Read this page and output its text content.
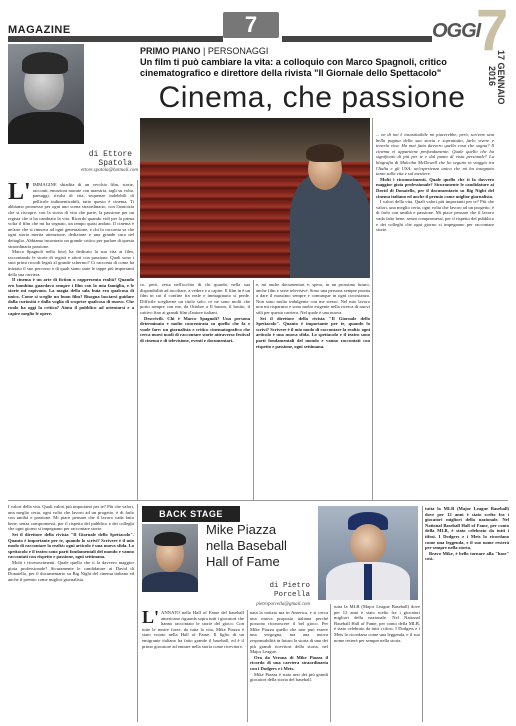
MAGAZINE	7	OGGI
7
17 GENNAIO
2016
di Ettore
Spatola
ettore.spatola@hotmail.com
PRIMO PIANO | PERSONAGGI
Un film ti può cambiare la vita: a colloquio con Marco Spagnoli, critico cinematografico e direttore della rivista "Il Giornale dello Spettacolo"
Cinema, che passione

L' IMMAGINE sbiadita di un vecchio film, storie, racconti, emozioni narrate con maestria, tagli su volta, paesaggi, rivalsi di vita, sequenze indelebili di pellicole indimenticabili, tutto questo è cinema. Ti abbiamo promesso per ogni uno scena straordinario, con l'amicizia che si riscopre, con la storia di vita che parte, la passione per un regista che ti ha cambiato la vita. Ricordo quando vidi per la prima volta il film che mi ha segnato, un tempo quasi andato. Il cinema è un'arte che si rinnova ad ogni generazione, e chi lo racconta sa che ogni storia merita attenzione, dedizione e una grande cura nel dettaglio. Abbiamo incontrato un grande critico per parlare di questa straordinaria passione.

Marco Spagnoli nella foto) ha dedicato la sua vita ai film, raccontando le storie di registi e attori con passione. Quali sono i suoi primi ricordi legati al grande schermo? Ci racconta di come ha iniziato il suo percorso e di quali siano state le tappe più importanti della sua carriera.

Il cinema è un arte di fiction o rappresenta realtà? Quando ero bambino guardavo sempre i film con la mia famiglia, e le storie mi rapivano. La magia della sala buia era qualcosa di unico. Come si sceglie un buon film? Bisogna lasciarsi guidare dalla curiosità e dalla voglia di scoprire qualcosa di nuovo. Che ruolo ha oggi la critica? Aiuta il pubblico ad orientarsi e a capire meglio le opere.

co, però, resta nell'occhio di chi guarda, nella sua disponibilità ad ascoltare, a vedere e a capire. Il film in è un film in cui il confine fra reale e immaginario si perde. Difficile sceglierne un titolo solo: ce ne sono molti che porto sempre con me, da Ottobre a Il buono, il brutto, il cattivo fino ai grandi film d'autore italiani.

Descrivili. Chi è Marco Spagnoli? Una persona determinata e molto concentrata su quello che fa e vuole fare: un giornalista e critico cinematografico che cerca nuovi modi di raccontare storie attraverso festival di cinema e di televisione, eventi e documentari.

e, mi anche documentari e, spero, in un prossimo futuro, anche film e serie televisive. Sono una persona sempre pronta a dare il massimo sempre e comunque in ogni circostanza. Non sono molto indulgente con me stesso. Nel mio lavoro non mi risparmio e sono molto esigente nella ricerca di nuovi stili per questa carriera. Nel quale è una nuova.

Sei il direttore della rivista "Il Giornale dello Spettacolo". Quanto è importante per te, quando lo scrivi? Scrivere è il mio modo di raccontare la realtà: ogni articolo è una nuova sfida. Lo spettacolo e il teatro sono parti fondamentali del mondo e vanno raccontati con rispetto e passione, ogni settimana.

... ne di noi è insostituibile mi piacerebbe, però, scrivere una bella pagina della sua storia e soprattutto, farlo vivere e tenerla viva. Ha mai fatto davvero quella cosa che sogna? Il cinema vi appartiene profondamente. Quale quello che ha significato di più per te e dal punto di vista personale? La biografia di Malcolm McDowell che ho seguito in viaggio tra l'Italia e gli USA: un'esperienza unica che mi ha insegnato tanto sulla vita e sul mestiere.

Molti i riconoscimenti. Quale quello che ti fa davvero maggior gioia professionale? Sicuramente le candidature ai David di Donatello, per il documentario su Big Night del cinema italiano ed anche il premio come miglior giornalista.

I valori della vita. Quali valori più importanti per te? Più che valori, una meglio certa, ogni volta che lavoro ad un progetto, è di farlo con umiltà e passione. Mi piace pensare che il lavoro vada fatto bene, senza compromessi, per il rispetto del pubblico e dei colleghi che ogni giorno si impegnano per raccontare storie.

BACK STAGE
Mike Piazza
nella Baseball
Hall of Fame
di Pietro
Porcella
pietroporcella@gmail.com

L' ANNATO nella Hall of Fame del baseball americano riguarda sopra tutti i giocatori che hanno raccontato le storie del gioco. Con tutte le nostre forze, da tutta la vita, Mike Piazza è stato votato nella Hall of Fame. Il figlio di un emigrante italiano ha fatto grande il baseball, ed è il primo giocatore ad entrare nella storia come ricevitore.

nata la notizia ma in America, e si cerca una nuova proposta italiana perché possono riconoscere il bel gioco. Per Mike Piazza quello che non può essere una vergogna, ma una nuova responsabilità in futuro la storia di uno dei più grandi ricevitori della storia, nel Major League.

Ora da Verona di Mike Piazza il ricordo di una carriera straordinaria con i Dodgers e i Mets.

Mike Piazza è stato uno dei più grandi giocatori della storia del baseball.

tutta la MLB (Major League Baseball) dove per 12 anni è stato scelto fra i giocatori migliori della nazionale. Nel National Baseball Hall of Fame, per conto della MLB, è stato celebrato da tutti i tifosi. I Dodgers e i Mets lo ricordano come una leggenda, e il suo nome resterà per sempre nella storia.

tutta la MLB (Major League Baseball) dove per 12 anni è stato scelto fra i giocatori migliori della nazionale. Nel National Baseball Hall of Fame, per conto della MLB, è stato celebrato da tutti i tifosi. I Dodgers e i Mets lo ricordano come una leggenda, e il suo nome resterà per sempre nella storia.

Bravo Mike, è bello tornare alla "base" così.

I valori della vita. Quali valori più importanti per te? Più che valori, una meglio certa, ogni volta che lavoro ad un progetto, è di farlo con umiltà e passione. Mi piace pensare che il lavoro vada fatto bene, senza compromessi, per il rispetto del pubblico e dei colleghi che ogni giorno si impegnano per raccontare storie.

Sei il direttore della rivista "Il Giornale dello Spettacolo". Quanto è importante per te, quando lo scrivi? Scrivere è il mio modo di raccontare la realtà: ogni articolo è una nuova sfida. Lo spettacolo e il teatro sono parti fondamentali del mondo e vanno raccontati con rispetto e passione, ogni settimana.

Molti i riconoscimenti. Quale quello che ti fa davvero maggior gioia professionale? Sicuramente le candidature ai David di Donatello, per il documentario su Big Night del cinema italiano ed anche il premio come miglior giornalista.
